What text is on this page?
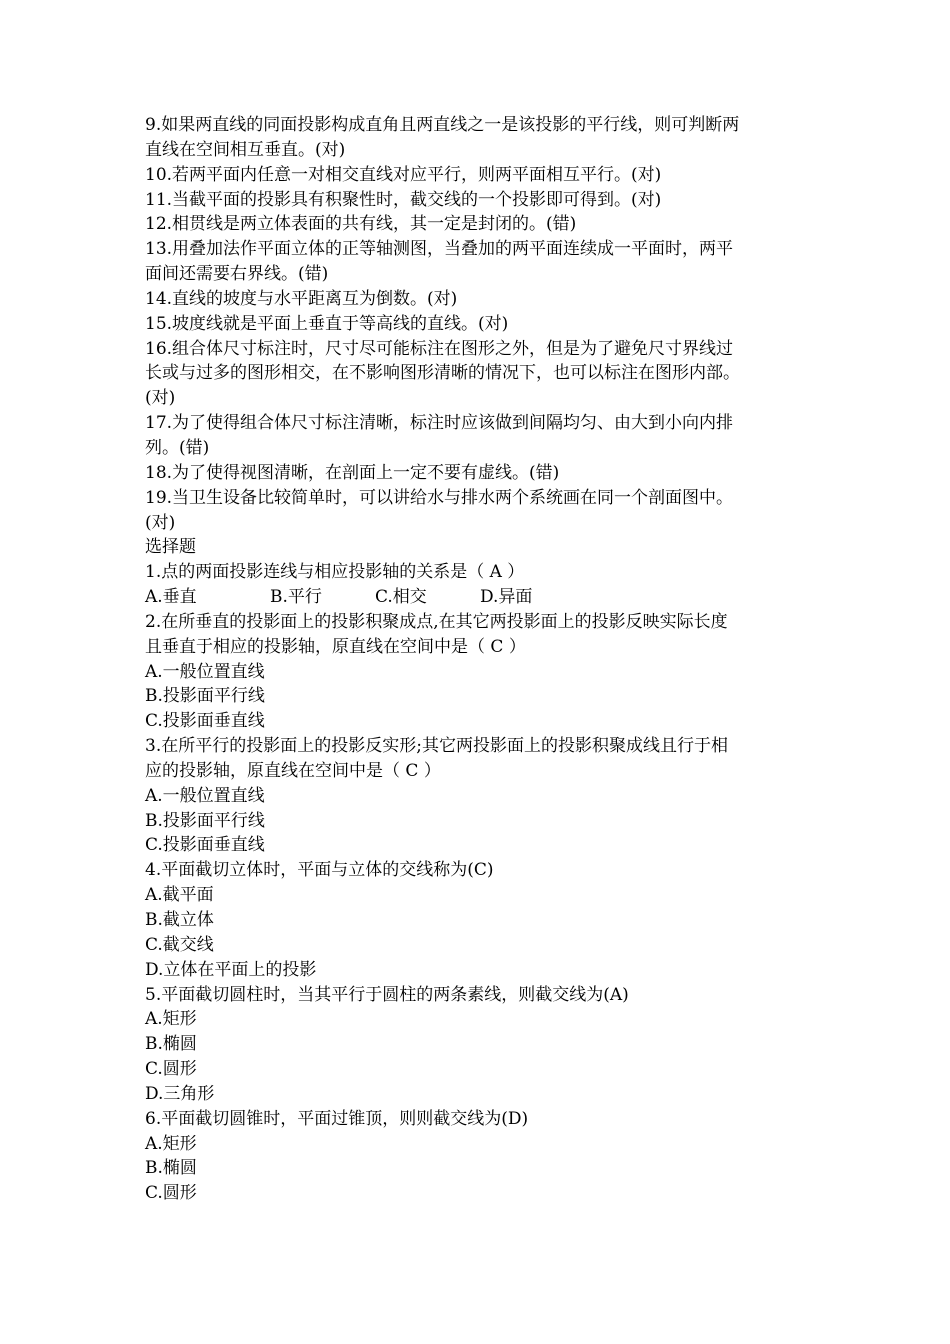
9.如果两直线的同面投影构成直角且两直线之一是该投影的平行线，则可判断两
直线在空间相互垂直。(对)
10.若两平面内任意一对相交直线对应平行，则两平面相互平行。(对)
11.当截平面的投影具有积聚性时，截交线的一个投影即可得到。(对)
12.相贯线是两立体表面的共有线，其一定是封闭的。(错)
13.用叠加法作平面立体的正等轴测图，当叠加的两平面连续成一平面时，两平
面间还需要右界线。(错)
14.直线的坡度与水平距离互为倒数。(对)
15.坡度线就是平面上垂直于等高线的直线。(对)
16.组合体尺寸标注时，尺寸尽可能标注在图形之外，但是为了避免尺寸界线过
长或与过多的图形相交，在不影响图形清晰的情况下，也可以标注在图形内部。
(对)
17.为了使得组合体尺寸标注清晰，标注时应该做到间隔均匀、由大到小向内排
列。(错)
18.为了使得视图清晰，在剖面上一定不要有虚线。(错)
19.当卫生设备比较简单时，可以讲给水与排水两个系统画在同一个剖面图中。
(对)
选择题
1.点的两面投影连线与相应投影轴的关系是（ A ）
A.垂直	B.平行	C.相交	D.异面
2.在所垂直的投影面上的投影积聚成点,在其它两投影面上的投影反映实际长度
且垂直于相应的投影轴，原直线在空间中是（ C ）
A.一般位置直线
B.投影面平行线
C.投影面垂直线
3.在所平行的投影面上的投影反实形;其它两投影面上的投影积聚成线且行于相
应的投影轴，原直线在空间中是（ C ）
A.一般位置直线
B.投影面平行线
C.投影面垂直线
4.平面截切立体时，平面与立体的交线称为(C)
A.截平面
B.截立体
C.截交线
D.立体在平面上的投影
5.平面截切圆柱时，当其平行于圆柱的两条素线，则截交线为(A)
A.矩形
B.椭圆
C.圆形
D.三角形
6.平面截切圆锥时，平面过锥顶，则则截交线为(D)
A.矩形
B.椭圆
C.圆形
